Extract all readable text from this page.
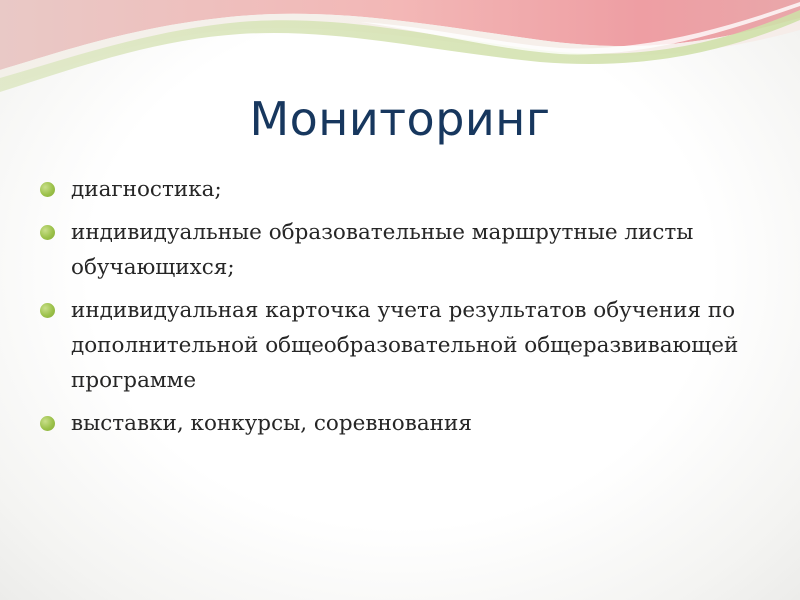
Мониторинг
диагностика;
индивидуальные образовательные маршрутные листы обучающихся;
индивидуальная карточка учета результатов обучения по дополнительной общеобразовательной общеразвивающей программе
выставки, конкурсы, соревнования
